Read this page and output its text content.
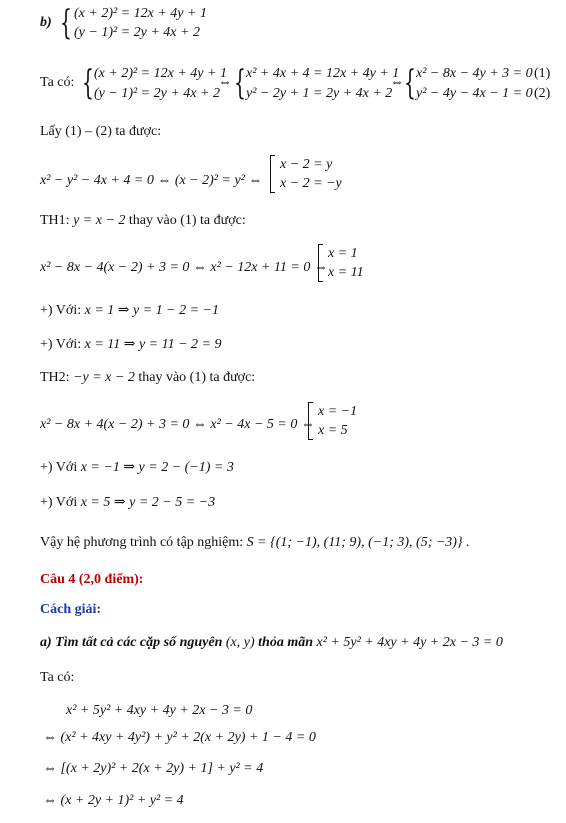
b) { (x + 2)² = 12x + 4y + 1
(y − 1)² = 2y + 4x + 2
Ta có: { (x + 2)² = 12x + 4y + 1
(y − 1)² = 2y + 4x + 2
⇔ { x² + 4x + 4 = 12x + 4y + 1
y² − 2y + 1 = 2y + 4x + 2
⇔ { x² − 8x − 4y + 3 = 0
y² − 4y − 4x − 1 = 0
(1)
(2)
Lấy (1) – (2) ta được:
x² − y² − 4x + 4 = 0 ⇔ (x − 2)² = y² ⇔
x − 2 = y
x − 2 = −y
TH1: y = x − 2 thay vào (1) ta được:
x² − 8x − 4(x − 2) + 3 = 0 ⇔ x² − 12x + 11 = 0 ⇔
x = 1
x = 11
+) Với: x = 1 ⇒ y = 1 − 2 = −1
+) Với: x = 11 ⇒ y = 11 − 2 = 9
TH2: −y = x − 2 thay vào (1) ta được:
x² − 8x + 4(x − 2) + 3 = 0 ⇔ x² − 4x − 5 = 0 ⇔
x = −1
x = 5
+) Với x = −1 ⇒ y = 2 − (−1) = 3
+) Với x = 5 ⇒ y = 2 − 5 = −3
Vậy hệ phương trình có tập nghiệm: S = {(1; −1), (11; 9), (−1; 3), (5; −3)} .
Câu 4 (2,0 điểm):
Cách giải:
a) Tìm tất cả các cặp số nguyên (x, y) thỏa mãn x² + 5y² + 4xy + 4y + 2x − 3 = 0
Ta có:
x² + 5y² + 4xy + 4y + 2x − 3 = 0
⇔ (x² + 4xy + 4y²) + y² + 2(x + 2y) + 1 − 4 = 0
⇔ [(x + 2y)² + 2(x + 2y) + 1] + y² = 4
⇔ (x + 2y + 1)² + y² = 4
